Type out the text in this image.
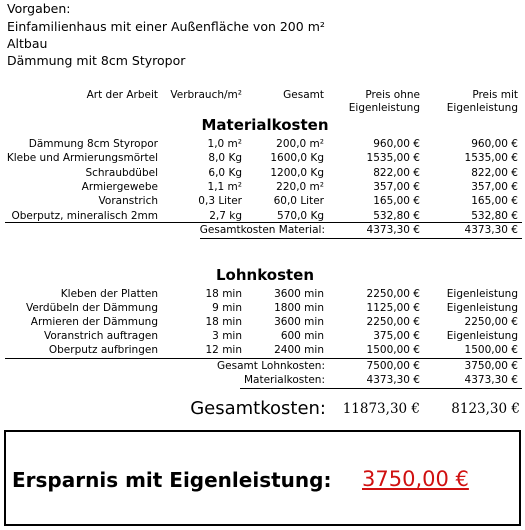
Vorgaben:
Einfamilienhaus mit einer Außenfläche von 200 m²
Altbau
Dämmung mit 8cm Styropor
Art der Arbeit	Verbrauch/m²	Gesamt	Preis ohne
Eigenleistung
Preis mit
Eigenleistung
Materialkosten
Dämmung 8cm Styropor	1,0 m²	200,0 m²	960,00 €	960,00 €
Klebe und Armierungsmörtel	8,0 Kg	1600,0 Kg	1535,00 €	1535,00 €
Schraubdübel	6,0 Kg	1200,0 Kg	822,00 €	822,00 €
Armiergewebe	1,1 m²	220,0 m²	357,00 €	357,00 €
Voranstrich	0,3 Liter	60,0 Liter	165,00 €	165,00 €
Oberputz, mineralisch 2mm	2,7 kg	570,0 Kg	532,80 €	532,80 €
Gesamtkosten Material:	4373,30 €	4373,30 €
Lohnkosten
Kleben der Platten	18 min	3600 min	2250,00 €	Eigenleistung
Verdübeln der Dämmung	9 min	1800 min	1125,00 €	Eigenleistung
Armieren der Dämmung	18 min	3600 min	2250,00 €	2250,00 €
Voranstrich auftragen	3 min	600 min	375,00 €	Eigenleistung
Oberputz aufbringen	12 min	2400 min	1500,00 €	1500,00 €
Gesamt Lohnkosten:	7500,00 €	3750,00 €
Materialkosten:	4373,30 €	4373,30 €
Gesamtkosten:	11873,30 €	8123,30 €
Ersparnis mit Eigenleistung: 3750,00 €
